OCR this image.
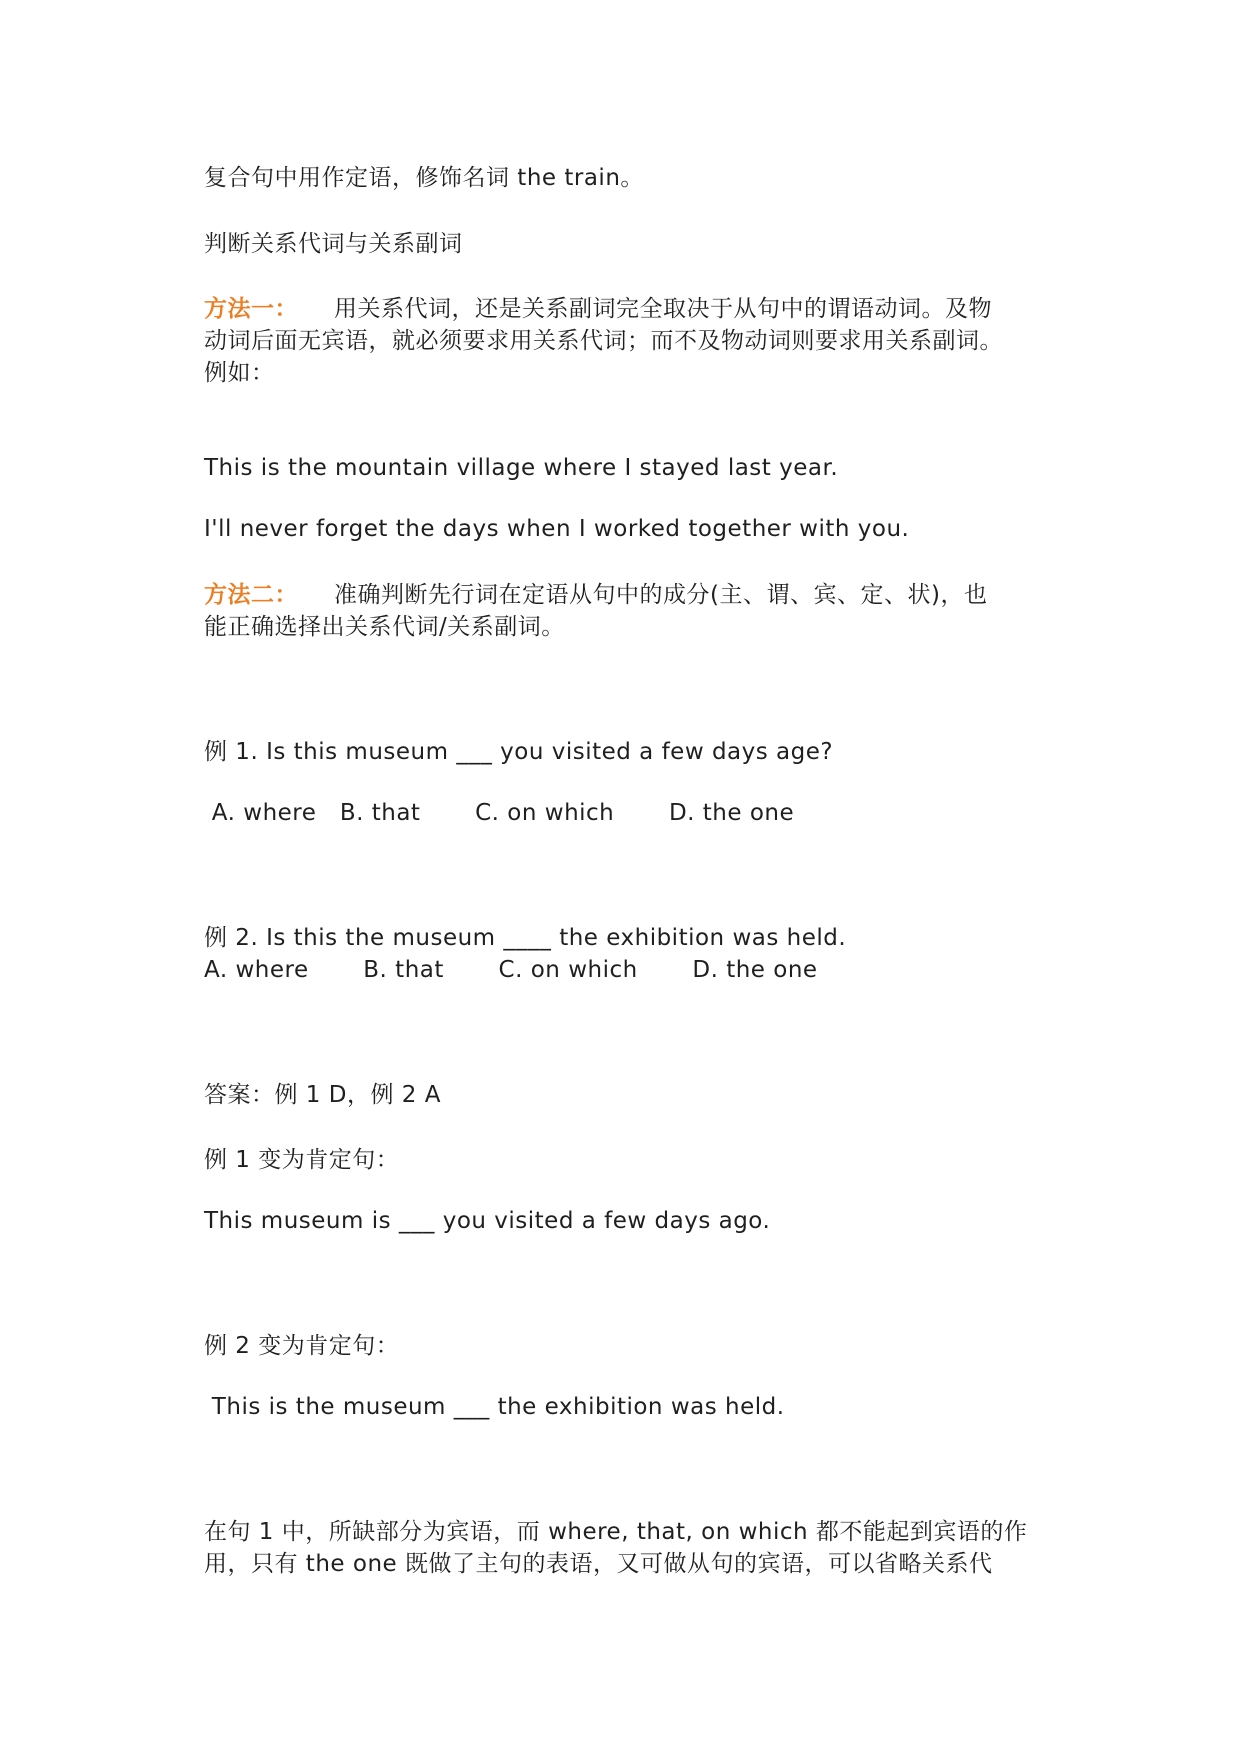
复合句中用作定语，修饰名词 the train。
判断关系代词与关系副词
方法一： 用关系代词，还是关系副词完全取决于从句中的谓语动词。及物
动词后面无宾语，就必须要求用关系代词；而不及物动词则要求用关系副词。
例如：
This is the mountain village where I stayed last year.
I'll never forget the days when I worked together with you.
方法二： 准确判断先行词在定语从句中的成分(主、谓、宾、定、状)，也
能正确选择出关系代词/关系副词。
例 1. Is this museum ___ you visited a few days age?
A. where   B. that       C. on which       D. the one
例 2. Is this the museum ____ the exhibition was held.
A. where       B. that       C. on which       D. the one
答案：例 1 D，例 2 A
例 1 变为肯定句：
This museum is ___ you visited a few days ago.
例 2 变为肯定句：
This is the museum ___ the exhibition was held.
在句 1 中，所缺部分为宾语，而 where, that, on which 都不能起到宾语的作
用，只有 the one 既做了主句的表语，又可做从句的宾语，可以省略关系代
